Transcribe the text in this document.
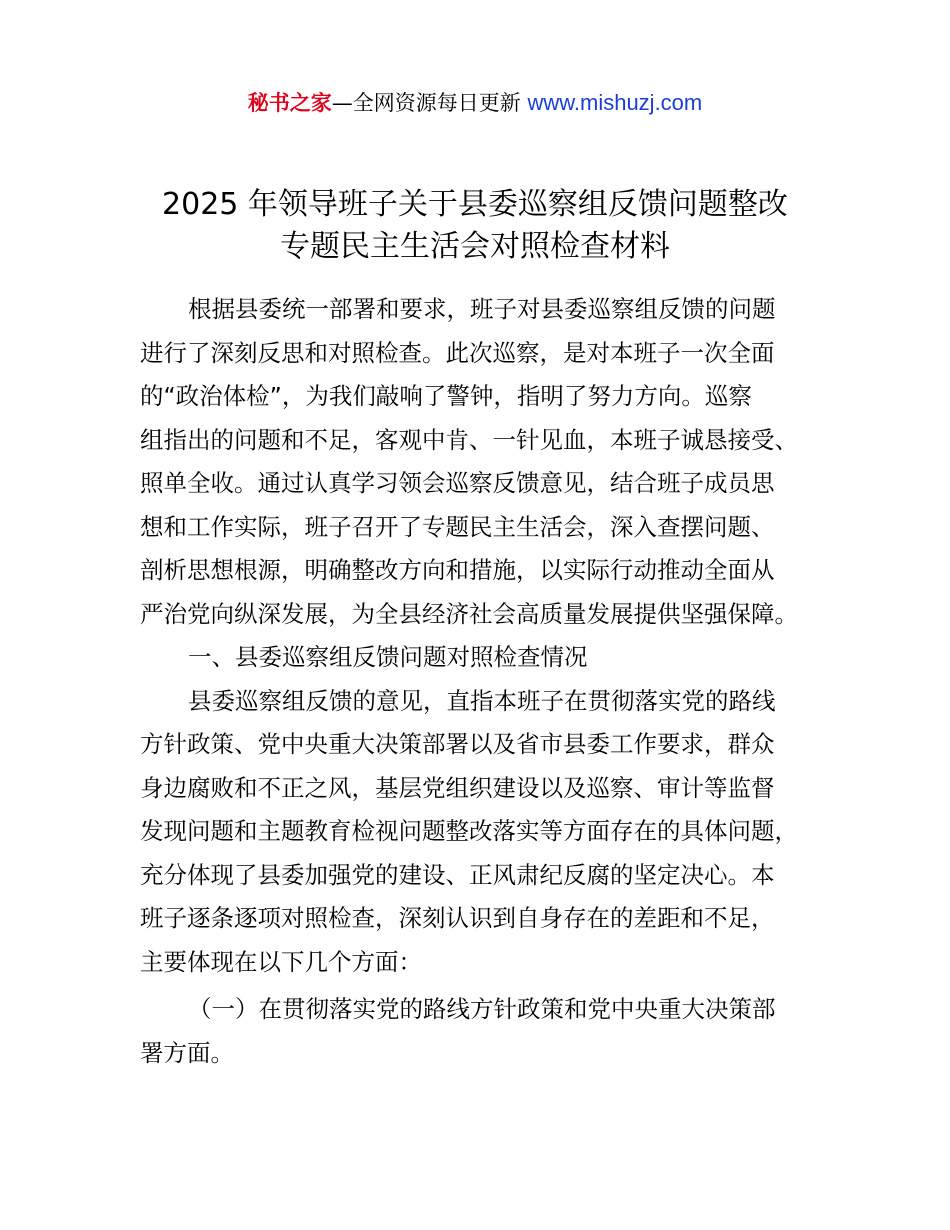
秘书之家—全网资源每日更新 www.mishuzj.com
2025 年领导班子关于县委巡察组反馈问题整改
专题民主生活会对照检查材料
根据县委统一部署和要求，班子对县委巡察组反馈的问题
进行了深刻反思和对照检查。此次巡察，是对本班子一次全面
的“政治体检”，为我们敲响了警钟，指明了努力方向。巡察
组指出的问题和不足，客观中肯、一针见血，本班子诚恳接受、
照单全收。通过认真学习领会巡察反馈意见，结合班子成员思
想和工作实际，班子召开了专题民主生活会，深入查摆问题、
剖析思想根源，明确整改方向和措施，以实际行动推动全面从
严治党向纵深发展，为全县经济社会高质量发展提供坚强保障。
一、县委巡察组反馈问题对照检查情况
县委巡察组反馈的意见，直指本班子在贯彻落实党的路线
方针政策、党中央重大决策部署以及省市县委工作要求，群众
身边腐败和不正之风，基层党组织建设以及巡察、审计等监督
发现问题和主题教育检视问题整改落实等方面存在的具体问题，
充分体现了县委加强党的建设、正风肃纪反腐的坚定决心。本
班子逐条逐项对照检查，深刻认识到自身存在的差距和不足，
主要体现在以下几个方面：
（一）在贯彻落实党的路线方针政策和党中央重大决策部
署方面。
